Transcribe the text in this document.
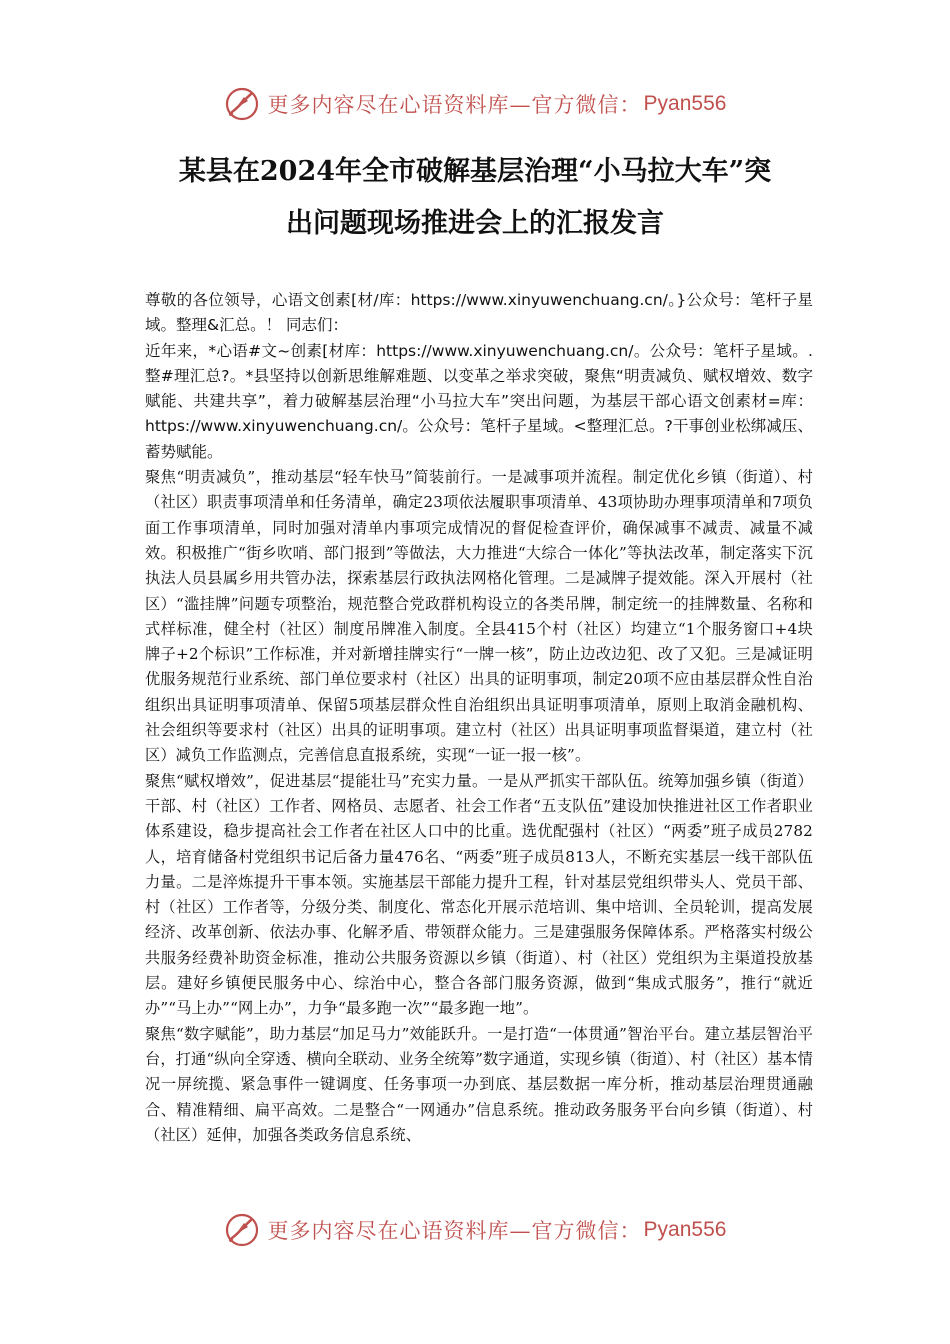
更多内容尽在心语资料库—官方微信： Pyan556
某县在2024年全市破解基层治理“小马拉大车”突
出问题现场推进会上的汇报发言

尊敬的各位领导，心语文创素[材/库：https://www.xinyuwenchuang.cn/。}公众号：笔杆子星域。整理&汇总。！ 同志们：

近年来，*心语#文~创素[材库：https://www.xinyuwenchuang.cn/。公众号：笔杆子星域。.整#理汇总?。*县坚持以创新思维解难题、以变革之举求突破，聚焦“明责减负、赋权增效、数字赋能、共建共享”，着力破解基层治理“小马拉大车”突出问题，为基层干部心语文创素材=库：https://www.xinyuwenchuang.cn/。公众号：笔杆子星域。<整理汇总。?干事创业松绑减压、蓄势赋能。

聚焦“明责减负”，推动基层“轻车快马”简装前行。一是减事项并流程。制定优化乡镇（街道）、村（社区）职责事项清单和任务清单，确定23项依法履职事项清单、43项协助办理事项清单和7项负面工作事项清单，同时加强对清单内事项完成情况的督促检查评价，确保减事不减责、减量不减效。积极推广“街乡吹哨、部门报到”等做法，大力推进“大综合一体化”等执法改革，制定落实下沉执法人员县属乡用共管办法，探索基层行政执法网格化管理。二是减牌子提效能。深入开展村（社区）“滥挂牌”问题专项整治，规范整合党政群机构设立的各类吊牌，制定统一的挂牌数量、名称和式样标准，健全村（社区）制度吊牌准入制度。全县415个村（社区）均建立“1个服务窗口+4块牌子+2个标识”工作标准，并对新增挂牌实行“一牌一核”，防止边改边犯、改了又犯。三是减证明优服务规范行业系统、部门单位要求村（社区）出具的证明事项，制定20项不应由基层群众性自治组织出具证明事项清单、保留5项基层群众性自治组织出具证明事项清单，原则上取消金融机构、社会组织等要求村（社区）出具的证明事项。建立村（社区）出具证明事项监督渠道，建立村（社区）减负工作监测点，完善信息直报系统，实现“一证一报一核”。

聚焦“赋权增效”，促进基层“提能壮马”充实力量。一是从严抓实干部队伍。统筹加强乡镇（街道）干部、村（社区）工作者、网格员、志愿者、社会工作者“五支队伍”建设加快推进社区工作者职业体系建设，稳步提高社会工作者在社区人口中的比重。选优配强村（社区）“两委”班子成员2782人，培育储备村党组织书记后备力量476名、“两委”班子成员813人，不断充实基层一线干部队伍力量。二是淬炼提升干事本领。实施基层干部能力提升工程，针对基层党组织带头人、党员干部、村（社区）工作者等，分级分类、制度化、常态化开展示范培训、集中培训、全员轮训，提高发展经济、改革创新、依法办事、化解矛盾、带领群众能力。三是建强服务保障体系。严格落实村级公共服务经费补助资金标准，推动公共服务资源以乡镇（街道）、村（社区）党组织为主渠道投放基层。建好乡镇便民服务中心、综治中心，整合各部门服务资源，做到“集成式服务”，推行“就近办”“马上办”“网上办”，力争“最多跑一次”“最多跑一地”。

聚焦“数字赋能”，助力基层“加足马力”效能跃升。一是打造“一体贯通”智治平台。建立基层智治平台，打通“纵向全穿透、横向全联动、业务全统筹”数字通道，实现乡镇（街道）、村（社区）基本情况一屏统揽、紧急事件一键调度、任务事项一办到底、基层数据一库分析，推动基层治理贯通融合、精准精细、扁平高效。二是整合“一网通办”信息系统。推动政务服务平台向乡镇（街道）、村（社区）延伸，加强各类政务信息系统、

更多内容尽在心语资料库—官方微信： Pyan556
